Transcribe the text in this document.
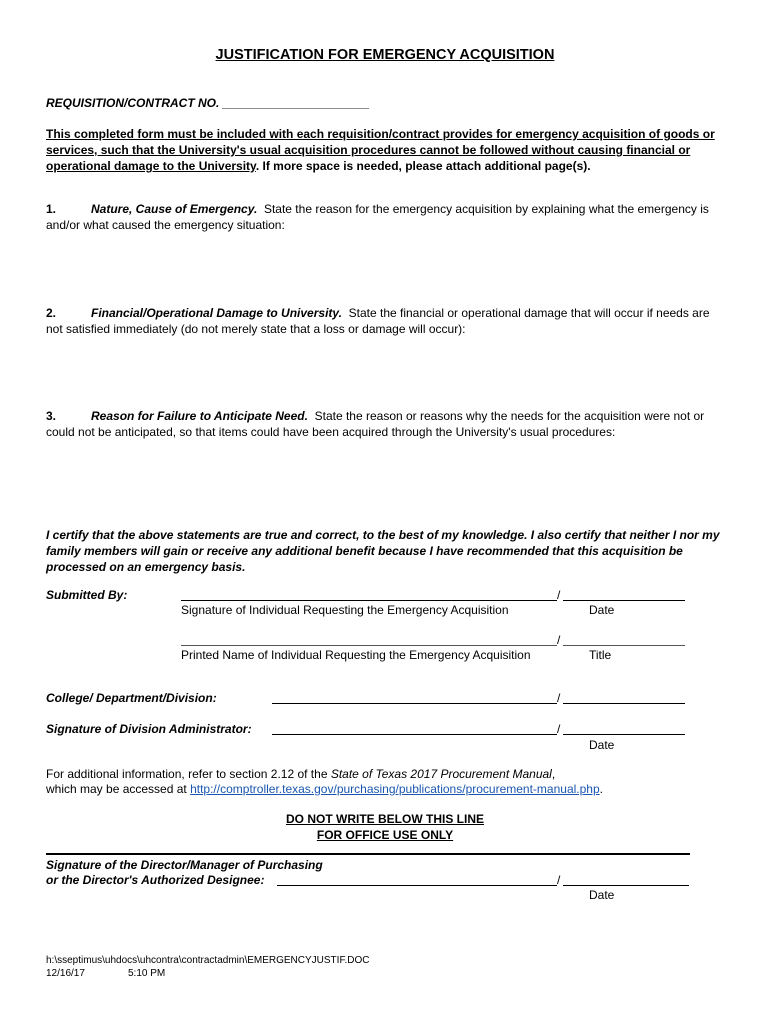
JUSTIFICATION FOR EMERGENCY ACQUISITION
REQUISITION/CONTRACT NO. ______________________
This completed form must be included with each requisition/contract provides for emergency acquisition of goods or services, such that the University's usual acquisition procedures cannot be followed without causing financial or operational damage to the University. If more space is needed, please attach additional page(s).
1.	Nature, Cause of Emergency. State the reason for the emergency acquisition by explaining what the emergency is and/or what caused the emergency situation:
2.	Financial/Operational Damage to University. State the financial or operational damage that will occur if needs are not satisfied immediately (do not merely state that a loss or damage will occur):
3.	Reason for Failure to Anticipate Need. State the reason or reasons why the needs for the acquisition were not or could not be anticipated, so that items could have been acquired through the University's usual procedures:
I certify that the above statements are true and correct, to the best of my knowledge. I also certify that neither I nor my family members will gain or receive any additional benefit because I have recommended that this acquisition be processed on an emergency basis.
Submitted By:	/
Signature of Individual Requesting the Emergency Acquisition	Date
/
Printed Name of Individual Requesting the Emergency Acquisition	Title
College/ Department/Division:	/
Signature of Division Administrator:	/
Date
For additional information, refer to section 2.12 of the State of Texas 2017 Procurement Manual,
which may be accessed at http://comptroller.texas.gov/purchasing/publications/procurement-manual.php.
DO NOT WRITE BELOW THIS LINE
FOR OFFICE USE ONLY
Signature of the Director/Manager of Purchasing
or the Director's Authorized Designee:	/
Date
h:\sseptimus\uhdocs\uhcontra\contractadmin\EMERGENCYJUSTIF.DOC
12/16/17	5:10 PM
